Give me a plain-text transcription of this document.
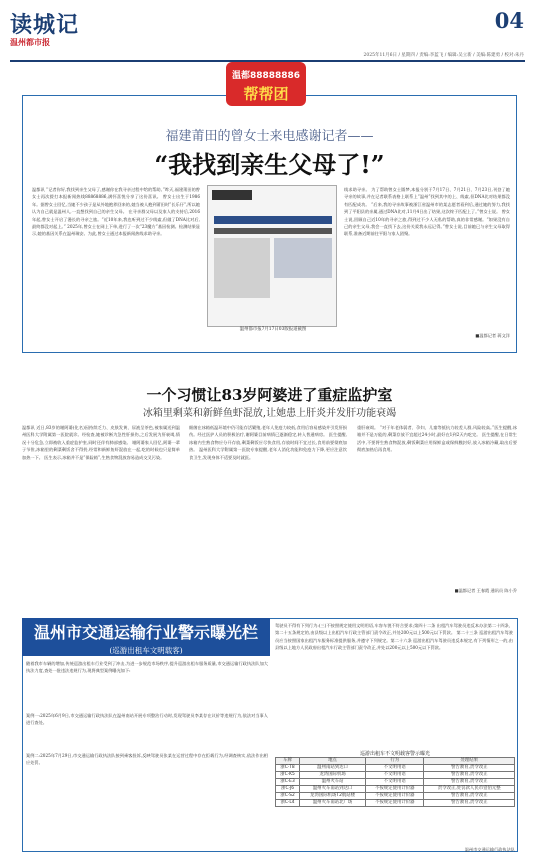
读城记
温州都市报
04
2025年11月6日 / 星期四 / 责编:李蓝飞 / 编辑:吴立新 / 美编:陈建勇 / 校对:朱丹
温都88888886
帮帮团
福建莆田的曾女士来电感谢记者——
“我找到亲生父母了!”
温都讯 “记者你好,我找到亲生父母了,感谢你在我寻亲过程中给的帮助。”昨天,福建莆田的曾女士再次拨打本报新闻热线88868886,满怀喜悦分享了这份喜讯。 曾女士出生于1986年。据曾女士回忆,当她不少孩子是从外地抱养回来的,她当被人抱到莆田时“长乐仔”,所以她认为自己就是温州人,一直想找到自己的亲生父母。 在寻亲群父母以及家人的支持后,2016年起,曾女士开启了漫长的寻亲之旅。“近10年来,我也听到过不少线索,但做了DNA比对后,最终都没对起上。” 2025年,曾女士在网上下单,进行了一次“23魔方”基因检测。检测结果显示,她的基因关系在温州瑞安。为此,曾女士通过本报新闻热线求助寻亲。
温州都市报7月17日03版报道截图
线求助寻亲。 为了帮助曾女士圆梦,本报分别于7月17日、7月21日、7月23日,刊登了她寻亲的故事,并在记者联系表格上联系上“温州”找到其中的上、线索,但DNA比对结果都没有匹配成功。 “后来,我的寻亲故事被浙江省温州市的某志愿者看到后,通过她的努力,我找到了平阳县的亲属,通过DNA比对,11月4日出了结果,这次终于匹配上了。”曾女士说。 曾女士说,回顾自己近10年的寻亲之旅,得到过不少人无私的帮助,真的非常感谢。“如果没有自己的亲生父母,我会一直找下去,这份关爱我永远记得。”曾女士说,目前她已与亲生父母取得联系,准备近期前往平阳与家人团聚。
■温都记者 蒋文洋
一个习惯让83岁阿婆进了重症监护室
冰箱里剩菜和新鲜鱼虾混放,让她患上肝炎并发肝功能衰竭
温都讯 近日,83岁的谢阿婆(化名)因持续乏力、皮肤发黄、尿液呈茶色,被家属送到温州医科大学附属第一医院就诊。经检查,她被诊断为急性肝损伤,之后发展为肝衰竭,情况十分危急,立即被收入重症监护室,同时还伴有肺部感染。 谢阿婆家人回忆,阿婆一辈子节俭,冰箱里的剩菜剩饭舍不得扔,经常和新鲜鱼虾混放在一起,吃的时候也只是简单加热一下。 医生表示,冰箱并不是“保险箱”,生熟食物混放容易造成交叉污染。
细菌在冰箱低温环境中仍可能存活繁殖,老年人免疫力较低,食用后容易感染并引发肝损伤。经过医护人员的积极治疗,谢阿婆目前病情已逐渐稳定,转入普通病房。 医生提醒,冰箱内生熟食物应分开存放,剩菜剩饭应尽快食用,存放时间不宜过长,食用前要彻底加热。 温州医科大学附属第一医院专家提醒,老年人消化功能和免疫力下降,更应注意饮食卫生,发现身体不适要及时就医。
重肝衰竭。 “对于年老体弱者、孕妇、儿童等抵抗力较差人群,风险较高。”医生提醒,冰箱并不是万能的,剩菜存放不宜超过24小时,最好在1到2天内吃完。 医生提醒,在日常生活中,不要将生熟食物混放,剩饭剩菜应用保鲜盒或保鲜膜封好,放入冰箱冷藏,取出后要彻底加热后再食用。
■温都记者 王春霞 通讯员 陈小乔
温州市交通运输行业警示曝光栏
(巡游出租车文明载客)
随着我市车辆的增加,传统巡游出租车行业受到了冲击,为进一步规范市场秩序,提升巡游出租车服务质量,市交通运输行政执法队加大执法力度,查处一批违法违规行为,现将典型案例曝光如下:
案例一:2025年6月9日,市交通运输行政执法队在温州南站开展专项整治行动时,发现驾驶员李某存在议价等违规行为,依法对当事人进行查处。
案例二:2025年7月29日,市交通运输行政执法队接到乘客投诉,反映驾驶员张某在运营过程中存在拒载行为,经调查核实,依法作出相应处罚。
驾驶员不得有下列行为:(三)不按照规定使用文明用语,车容车貌不符合要求;第四十二条 出租汽车驾驶员违反本办法第二十四条、第二十五条规定的,由县级以上出租汽车行政主管部门责令改正,并处200元以上500元以下罚款。 第二十三条 巡游出租汽车驾驶员应当按照国家出租汽车服务标准提供服务,并遵守下列规定。第二十六条 巡游出租汽车驾驶员违反本规定,有下列情形之一的,由县级以上地方人民政府出租汽车行政主管部门责令改正,并处以200元以上500元以下罚款。
巡游出租车不文明载客警示曝光
车牌	地点	行为	处理结果
浙C·T8	温州南站到达口	不文明用语	警告教育,责令改正
浙C·K5	龙湾国际机场	不文明用语	警告教育,责令改正
浙C·E3	温州火车站	不文明用语	警告教育,责令改正
浙C·J6	温州火车南站到达口	不按规定使用计价器	责令改正,处罚款人民币壹佰元整
浙C·S2	龙湾国际机场T2航站楼	不按规定使用计价器	警告教育,责令改正
浙C·L4	温州火车南站北广场	不按规定使用计价器	警告教育,责令改正
温州市交通运输行政执法队
